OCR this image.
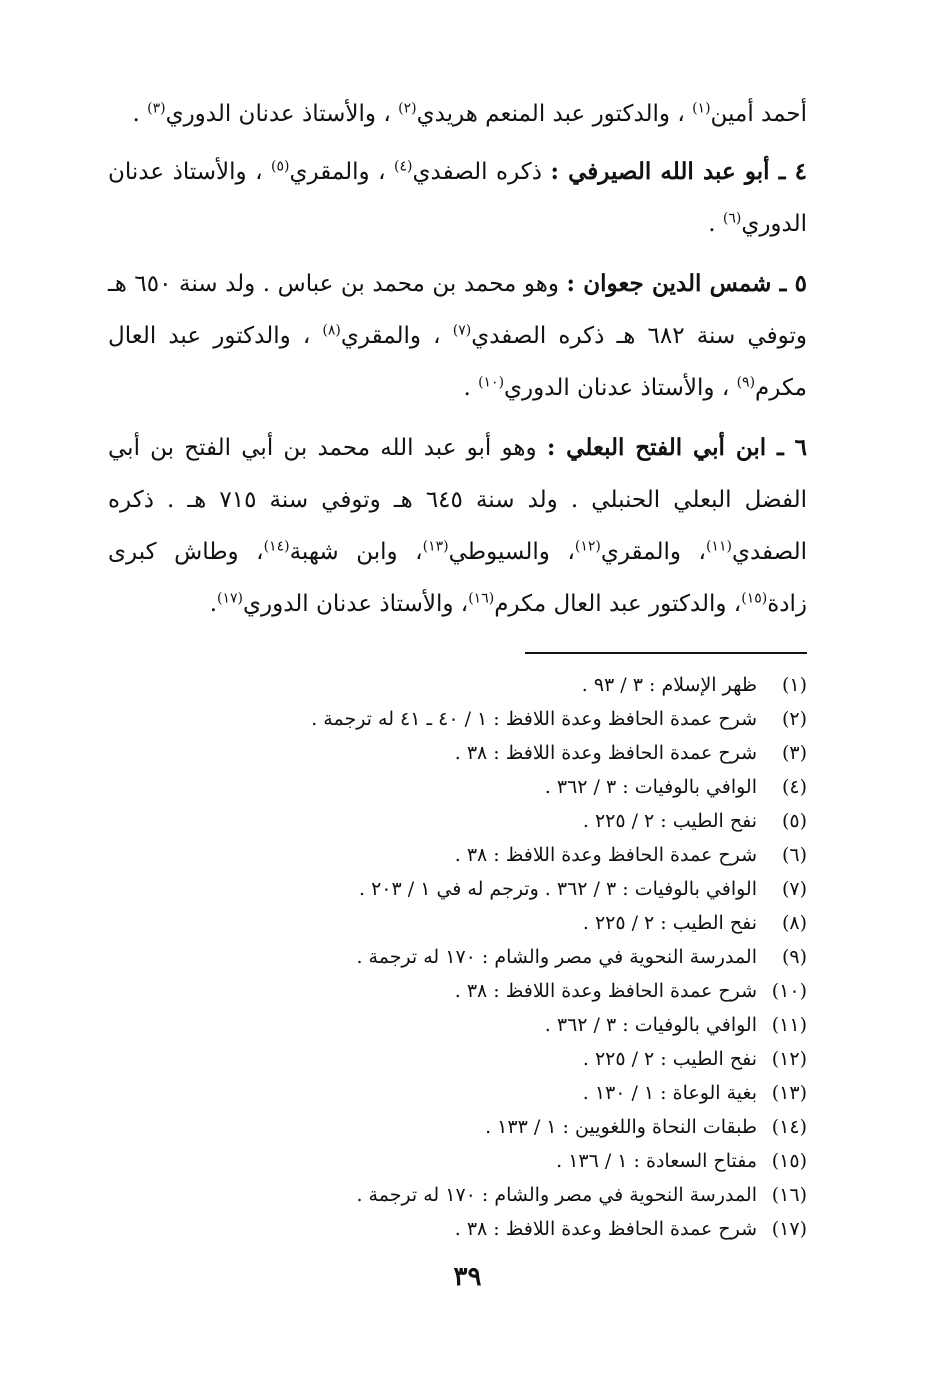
أحمد أمين$^{(١)}$ ، والدكتور عبد المنعم هريدي$^{(٢)}$ ، والأستاذ عدنان الدوري$^{(٣)}$ .

٤ ـ أبو عبد الله الصيرفي : ذكره الصفدي$^{(٤)}$ ، والمقري$^{(٥)}$ ، والأستاذ عدنان الدوري$^{(٦)}$ .

٥ ـ شمس الدين جعوان : وهو محمد بن محمد بن عباس . ولد سنة ٦٥٠ هـ وتوفي سنة ٦٨٢ هـ ذكره الصفدي$^{(٧)}$ ، والمقري$^{(٨)}$ ، والدكتور عبد العال مكرم$^{(٩)}$ ، والأستاذ عدنان الدوري$^{(١٠)}$ .

٦ ـ ابن أبي الفتح البعلي : وهو أبو عبد الله محمد بن أبي الفتح بن أبي الفضل البعلي الحنبلي . ولد سنة ٦٤٥ هـ وتوفي سنة ٧١٥ هـ . ذكره الصفدي$^{(١١)}$، والمقري$^{(١٢)}$، والسيوطي$^{(١٣)}$، وابن شهبة$^{(١٤)}$، وطاش كبرى زادة$^{(١٥)}$، والدكتور عبد العال مكرم$^{(١٦)}$، والأستاذ عدنان الدوري$^{(١٧)}$.

(١)ظهر الإسلام : ٣ / ٩٣ .
(٢)شرح عمدة الحافظ وعدة اللافظ : ١ / ٤٠ ـ ٤١ له ترجمة .
(٣)شرح عمدة الحافظ وعدة اللافظ : ٣٨ .
(٤)الوافي بالوفيات : ٣ / ٣٦٢ .
(٥)نفح الطيب : ٢ / ٢٢٥ .
(٦)شرح عمدة الحافظ وعدة اللافظ : ٣٨ .
(٧)الوافي بالوفيات : ٣ / ٣٦٢ . وترجم له في ١ / ٢٠٣ .
(٨)نفح الطيب : ٢ / ٢٢٥ .
(٩)المدرسة النحوية في مصر والشام : ١٧٠ له ترجمة .
(١٠)شرح عمدة الحافظ وعدة اللافظ : ٣٨ .
(١١)الوافي بالوفيات : ٣ / ٣٦٢ .
(١٢)نفح الطيب : ٢ / ٢٢٥ .
(١٣)بغية الوعاة : ١ / ١٣٠ .
(١٤)طبقات النحاة واللغويين : ١ / ١٣٣ .
(١٥)مفتاح السعادة : ١ / ١٣٦ .
(١٦)المدرسة النحوية في مصر والشام : ١٧٠ له ترجمة .
(١٧)شرح عمدة الحافظ وعدة اللافظ : ٣٨ .
٣٩
